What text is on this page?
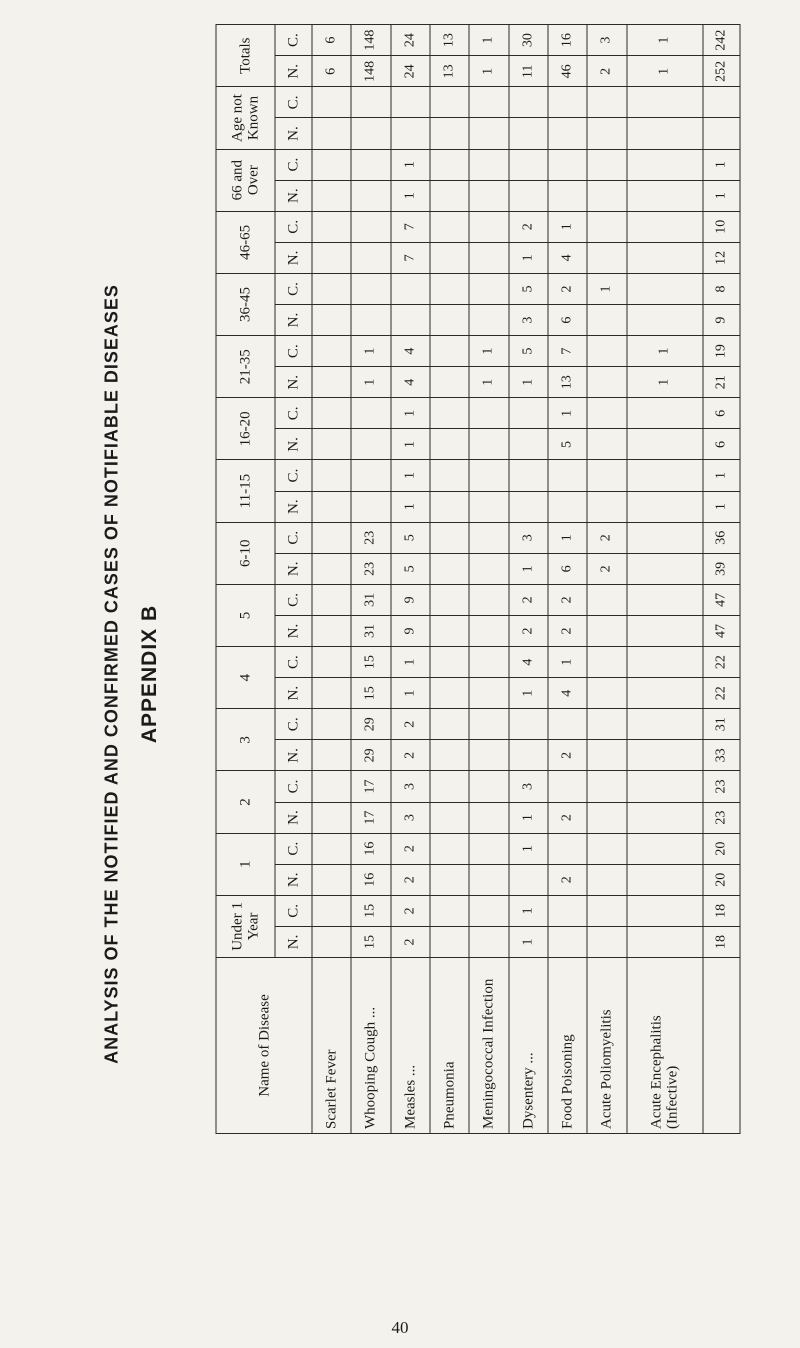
APPENDIX B
ANALYSIS OF THE NOTIFIED AND CONFIRMED CASES OF NOTIFIABLE DISEASES	Name of Disease	Under 1 Year		1		2		3		4		5		6-10		11-15		16-20		21-35		36-45		46-65		66 and Over		Age not Known		Totals	
	N.	C.	N.	C.	N.	C.	N.	C.	N.	C.	N.	C.	N.	C.	N.	C.	N.	C.	N.	C.	N.	C.	N.	C.	N.	C.	N.	C.	N.	C.
Scarlet Fever																													6	6
Whooping Cough ...	15	15	16	16	17	17	29	29	15	15	31	31	23	23					1	1									148	148
Measles ...	2	2	2	2	3	3	2	2	1	1	9	9	5	5	1	1	1	1	4	4			7	7	1	1			24	24
Pneumonia																													13	13
Meningococcal Infection																			1	1									1	1
Dysentery ...	1	1		1	1	3			1	4	2	2	1	3					1	5	3	5	1	2					11	30
Food Poisoning			2		2		2		4	1	2	2	6	1			5	1	13	7	6	2	4	1					46	16
Acute Poliomyelitis													2	2								1							2	3
Acute Encephalitis (Infective)																			1	1									1	1
	18	18	20	20	23	23	33	31	22	22	47	47	39	36	1	1	6	6	21	19	9	8	12	10	1	1			252	242
40
